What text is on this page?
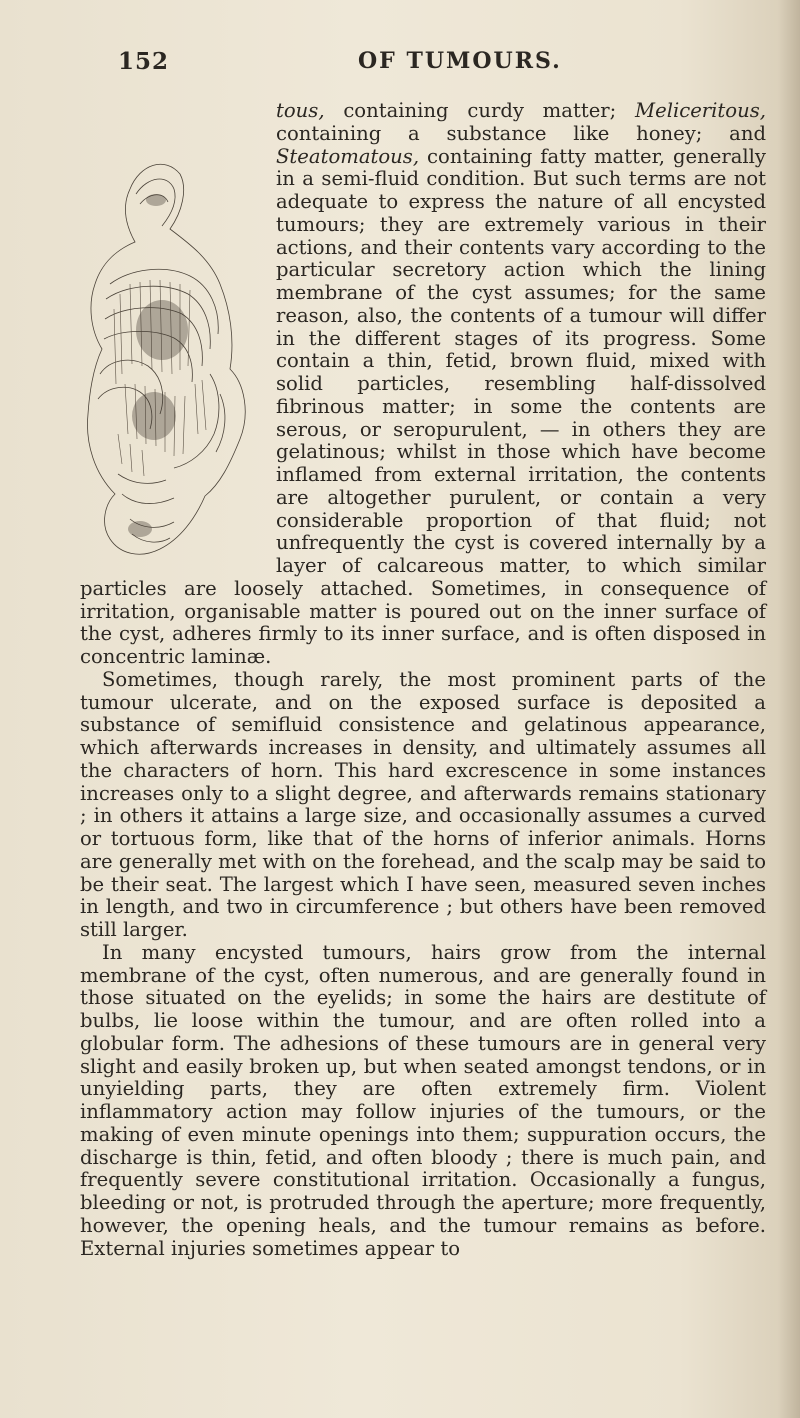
152	OF TUMOURS.

tous, containing curdy matter; Meliceritous, containing a substance like honey; and Steatomatous, containing fatty matter, generally in a semi-fluid condition. But such terms are not adequate to express the nature of all encysted tumours; they are extremely various in their actions, and their contents vary according to the particular secretory action which the lining membrane of the cyst assumes; for the same reason, also, the contents of a tumour will differ in the different stages of its progress. Some contain a thin, fetid, brown fluid, mixed with solid particles, resembling half-dissolved fibrinous matter; in some the contents are serous, or seropurulent, — in others they are gelatinous; whilst in those which have become inflamed from external irritation, the contents are altogether purulent, or contain a very considerable proportion of that fluid; not unfrequently the cyst is covered internally by a layer of calcareous matter, to which similar particles are loosely attached. Sometimes, in consequence of irritation, organisable matter is poured out on the inner surface of the cyst, adheres firmly to its inner surface, and is often disposed in concentric laminæ.

Sometimes, though rarely, the most prominent parts of the tumour ulcerate, and on the exposed surface is deposited a substance of semifluid consistence and gelatinous appearance, which afterwards increases in density, and ultimately assumes all the characters of horn. This hard excrescence in some instances increases only to a slight degree, and afterwards remains stationary ; in others it attains a large size, and occasionally assumes a curved or tortuous form, like that of the horns of inferior animals. Horns are generally met with on the forehead, and the scalp may be said to be their seat. The largest which I have seen, measured seven inches in length, and two in circumference ; but others have been removed still larger.

In many encysted tumours, hairs grow from the internal membrane of the cyst, often numerous, and are generally found in those situated on the eyelids; in some the hairs are destitute of bulbs, lie loose within the tumour, and are often rolled into a globular form. The adhesions of these tumours are in general very slight and easily broken up, but when seated amongst tendons, or in unyielding parts, they are often extremely firm. Violent inflammatory action may follow injuries of the tumours, or the making of even minute openings into them; suppuration occurs, the discharge is thin, fetid, and often bloody ; there is much pain, and frequently severe constitutional irritation. Occasionally a fungus, bleeding or not, is protruded through the aperture; more frequently, however, the opening heals, and the tumour remains as before. External injuries sometimes appear to
